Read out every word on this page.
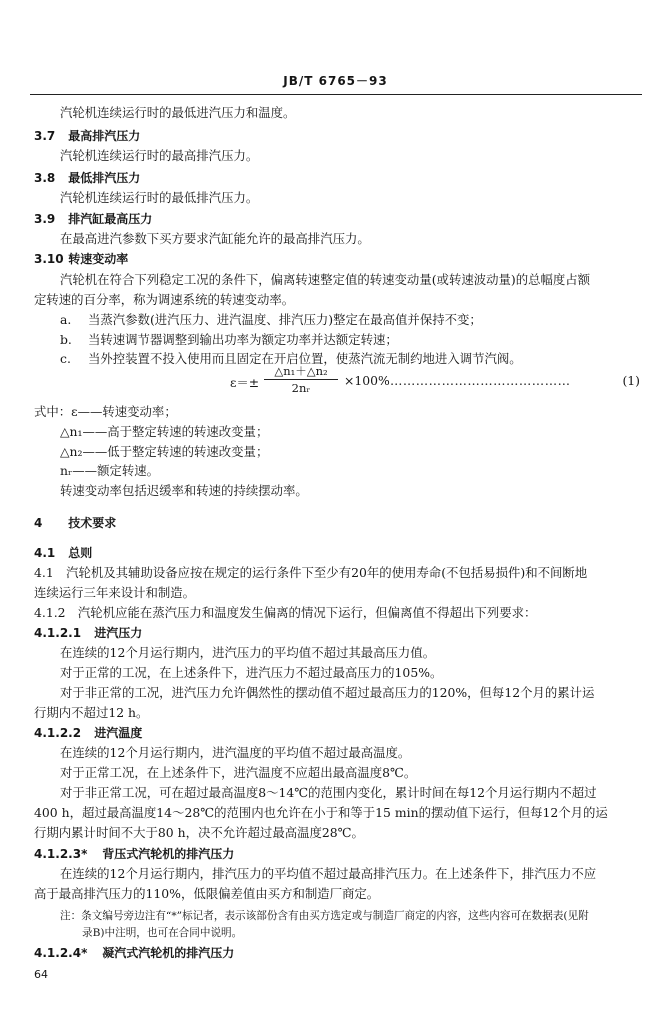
JB/T 6765－93
汽轮机连续运行时的最低进汽压力和温度。
3.7 最高排汽压力
汽轮机连续运行时的最高排汽压力。
3.8 最低排汽压力
汽轮机连续运行时的最低排汽压力。
3.9 排汽缸最高压力
在最高进汽参数下买方要求汽缸能允许的最高排汽压力。
3.10 转速变动率
汽轮机在符合下列稳定工况的条件下，偏离转速整定值的转速变动量(或转速波动量)的总幅度占额
定转速的百分率，称为调速系统的转速变动率。
a. 当蒸汽参数(进汽压力、进汽温度、排汽压力)整定在最高值并保持不变；
b. 当转速调节器调整到输出功率为额定功率并达额定转速；
c. 当外控装置不投入使用而且固定在开启位置，使蒸汽流无制约地进入调节汽阀。
ε＝±
△n₁＋△n₂
2nᵣ	×100% ……………………………………	(1)
式中：ε——转速变动率；
△n₁——高于整定转速的转速改变量；
△n₂——低于整定转速的转速改变量；
nᵣ——额定转速。
转速变动率包括迟缓率和转速的持续摆动率。
4 技术要求
4.1 总则
4.1　汽轮机及其辅助设备应按在规定的运行条件下至少有20年的使用寿命(不包括易损件)和不间断地
连续运行三年来设计和制造。
4.1.2　汽轮机应能在蒸汽压力和温度发生偏离的情况下运行，但偏离值不得超出下列要求：
4.1.2.1 进汽压力
在连续的12个月运行期内，进汽压力的平均值不超过其最高压力值。
对于正常的工况，在上述条件下，进汽压力不超过最高压力的105%。
对于非正常的工况，进汽压力允许偶然性的摆动值不超过最高压力的120%，但每12个月的累计运
行期内不超过12 h。
4.1.2.2 进汽温度
在连续的12个月运行期内，进汽温度的平均值不超过最高温度。
对于正常工况，在上述条件下，进汽温度不应超出最高温度8℃。
对于非正常工况，可在超过最高温度8～14℃的范围内变化，累计时间在每12个月运行期内不超过
400 h，超过最高温度14～28℃的范围内也允许在小于和等于15 min的摆动值下运行，但每12个月的运
行期内累计时间不大于80 h，决不允许超过最高温度28℃。
4.1.2.3* 背压式汽轮机的排汽压力
在连续的12个月运行期内，排汽压力的平均值不超过最高排汽压力。在上述条件下，排汽压力不应
高于最高排汽压力的110%，低限偏差值由买方和制造厂商定。
注：条文编号旁边注有“*”标记者，表示该部份含有由买方选定或与制造厂商定的内容，这些内容可在数据表(见附
录B)中注明，也可在合同中说明。
4.1.2.4* 凝汽式汽轮机的排汽压力
64
